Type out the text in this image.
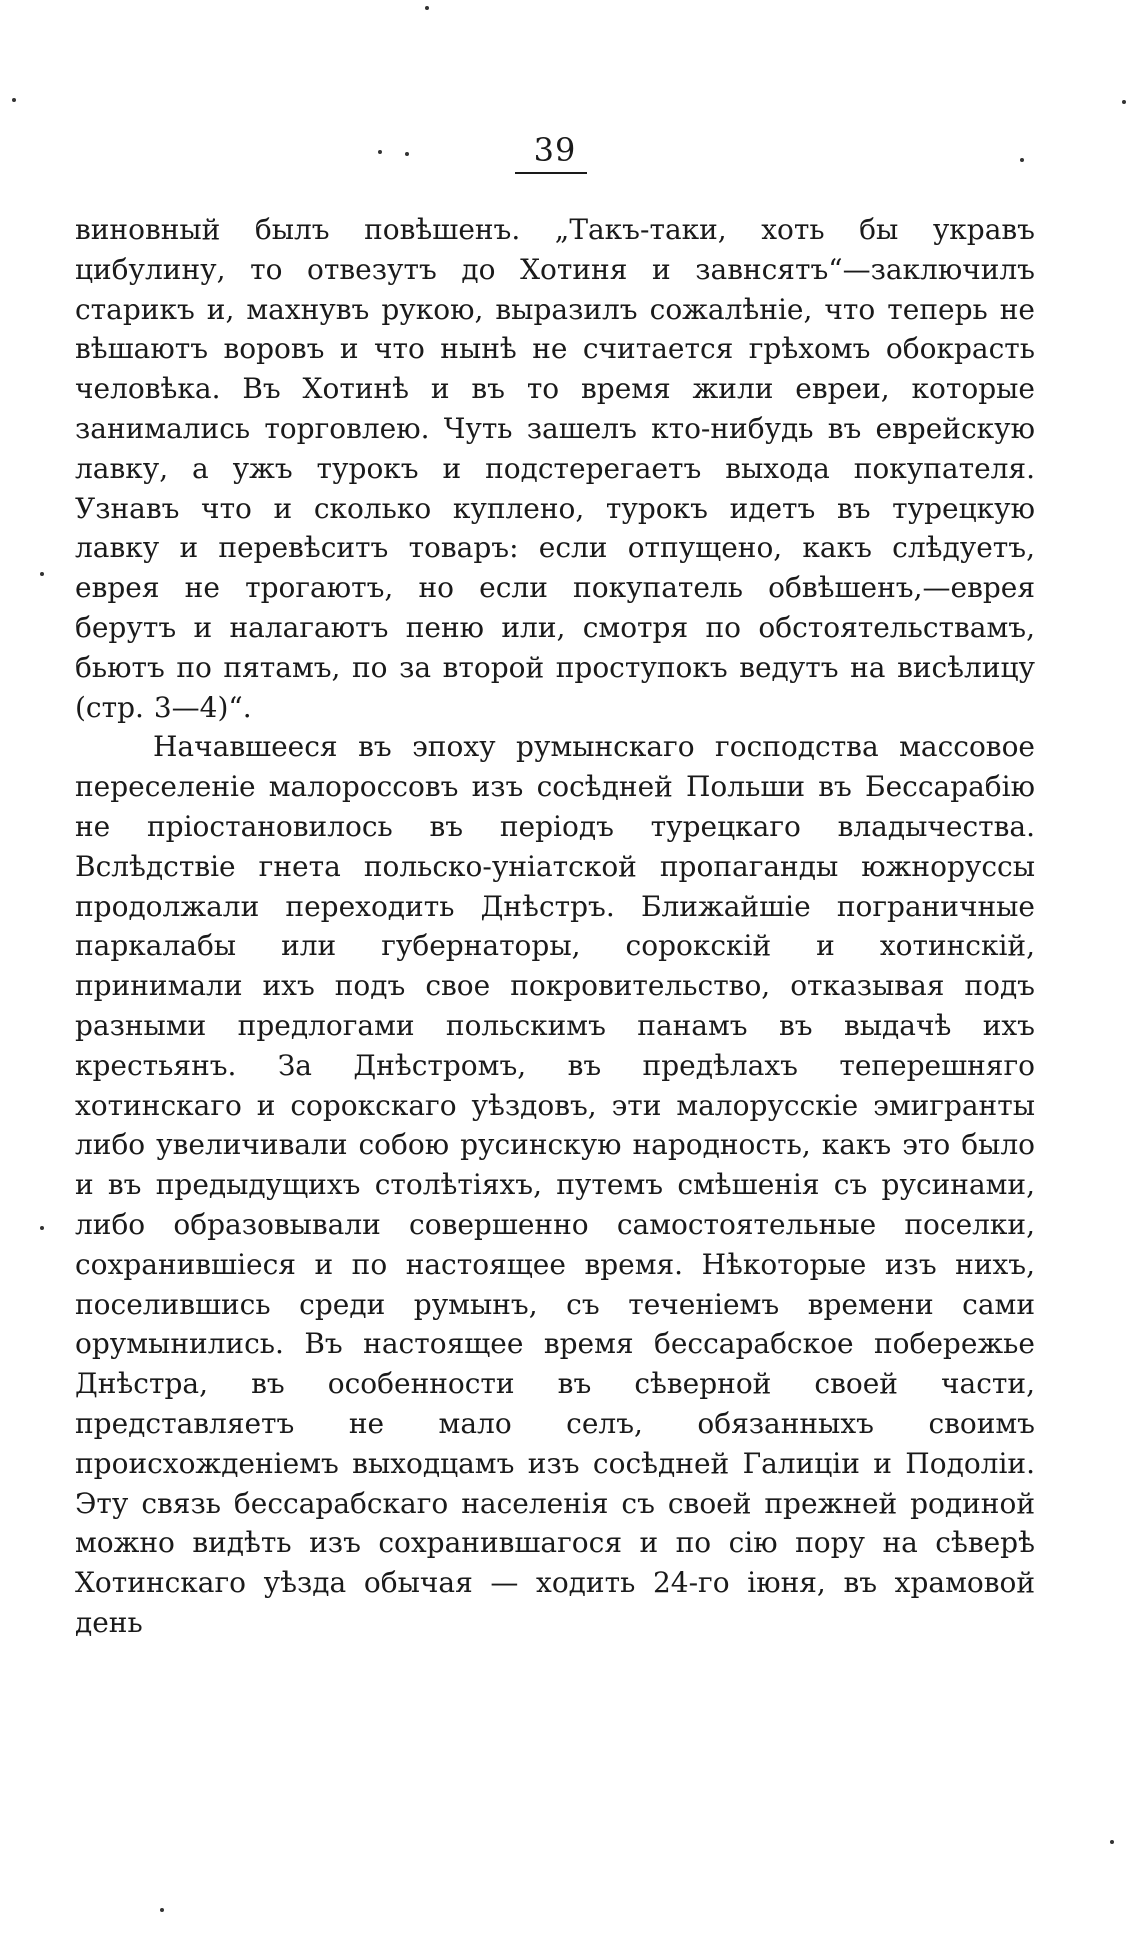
39

виновный былъ повѣшенъ. „Такъ-таки, хоть бы укравъ цибулину, то отвезутъ до Хотиня и завнсятъ“—заключилъ старикъ и, махнувъ рукою, выразилъ сожалѣніе, что теперь не вѣшаютъ воровъ и что нынѣ не считается грѣхомъ обокрасть человѣка. Въ Хотинѣ и въ то время жили евреи, которые занимались торговлею. Чуть зашелъ кто-нибудь въ еврейскую лавку, а ужъ турокъ и подстерегаетъ выхода покупателя. Узнавъ что и сколько куплено, турокъ идетъ въ турецкую лавку и перевѣситъ товаръ: если отпущено, какъ слѣдуетъ, еврея не трогаютъ, но если покупатель обвѣшенъ,—еврея берутъ и налагаютъ пеню или, смотря по обстоятельствамъ, бьютъ по пятамъ, по за второй проступокъ ведутъ на висѣлицу (стр. 3—4)“.

Начавшееся въ эпоху румынскаго господства массовое переселеніе малороссовъ изъ сосѣдней Польши въ Бессарабію не пріостановилось въ періодъ турецкаго владычества. Вслѣдствіе гнета польско-уніатской пропаганды южноруссы продолжали переходить Днѣстръ. Ближайшіе пограничные паркалабы или губернаторы, сорокскій и хотинскій, принимали ихъ подъ свое покровительство, отказывая подъ разными предлогами польскимъ панамъ въ выдачѣ ихъ крестьянъ. За Днѣстромъ, въ предѣлахъ теперешняго хотинскаго и сорокскаго уѣздовъ, эти малорусскіе эмигранты либо увеличивали собою русинскую народность, какъ это было и въ предыдущихъ столѣтіяхъ, путемъ смѣшенія съ русинами, либо образовывали совершенно самостоятельные поселки, сохранившіеся и по настоящее время. Нѣкоторые изъ нихъ, поселившись среди румынъ, съ теченіемъ времени сами орумынились. Въ настоящее время бессарабское побережье Днѣстра, въ особенности въ сѣверной своей части, представляетъ не мало селъ, обязанныхъ своимъ происхожденіемъ выходцамъ изъ сосѣдней Галиціи и Подоліи. Эту связь бессарабскаго населенія съ своей прежней родиной можно видѣть изъ сохранившагося и по сію пору на сѣверѣ Хотинскаго уѣзда обычая — ходить 24-го іюня, въ храмовой день
